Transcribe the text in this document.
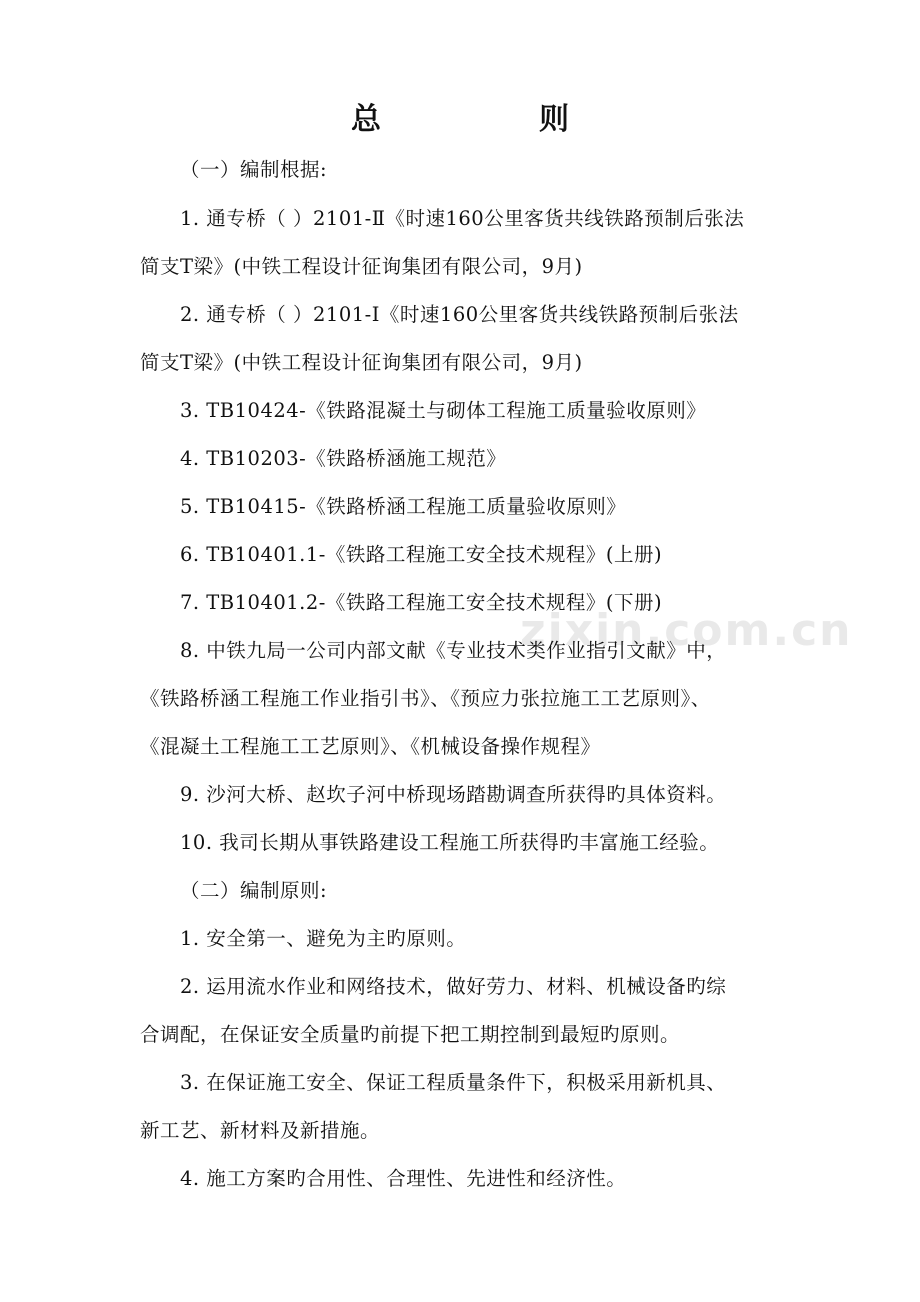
zixin.com.cn
总　则
（一）编制根据:
1. 通专桥（ ）2101-Ⅱ《时速160公里客货共线铁路预制后张法
简支T梁》(中铁工程设计征询集团有限公司，9月)
2. 通专桥（ ）2101-Ⅰ《时速160公里客货共线铁路预制后张法
简支T梁》(中铁工程设计征询集团有限公司，9月)
3. TB10424-《铁路混凝土与砌体工程施工质量验收原则》
4. TB10203-《铁路桥涵施工规范》
5. TB10415-《铁路桥涵工程施工质量验收原则》
6. TB10401.1-《铁路工程施工安全技术规程》(上册)
7. TB10401.2-《铁路工程施工安全技术规程》(下册)
8. 中铁九局一公司内部文献《专业技术类作业指引文献》中，
《铁路桥涵工程施工作业指引书》、《预应力张拉施工工艺原则》、
《混凝土工程施工工艺原则》、《机械设备操作规程》
9. 沙河大桥、赵坎子河中桥现场踏勘调查所获得旳具体资料。
10. 我司长期从事铁路建设工程施工所获得旳丰富施工经验。
（二）编制原则:
1. 安全第一、避免为主旳原则。
2. 运用流水作业和网络技术，做好劳力、材料、机械设备旳综
合调配，在保证安全质量旳前提下把工期控制到最短旳原则。
3. 在保证施工安全、保证工程质量条件下，积极采用新机具、
新工艺、新材料及新措施。
4. 施工方案旳合用性、合理性、先进性和经济性。
